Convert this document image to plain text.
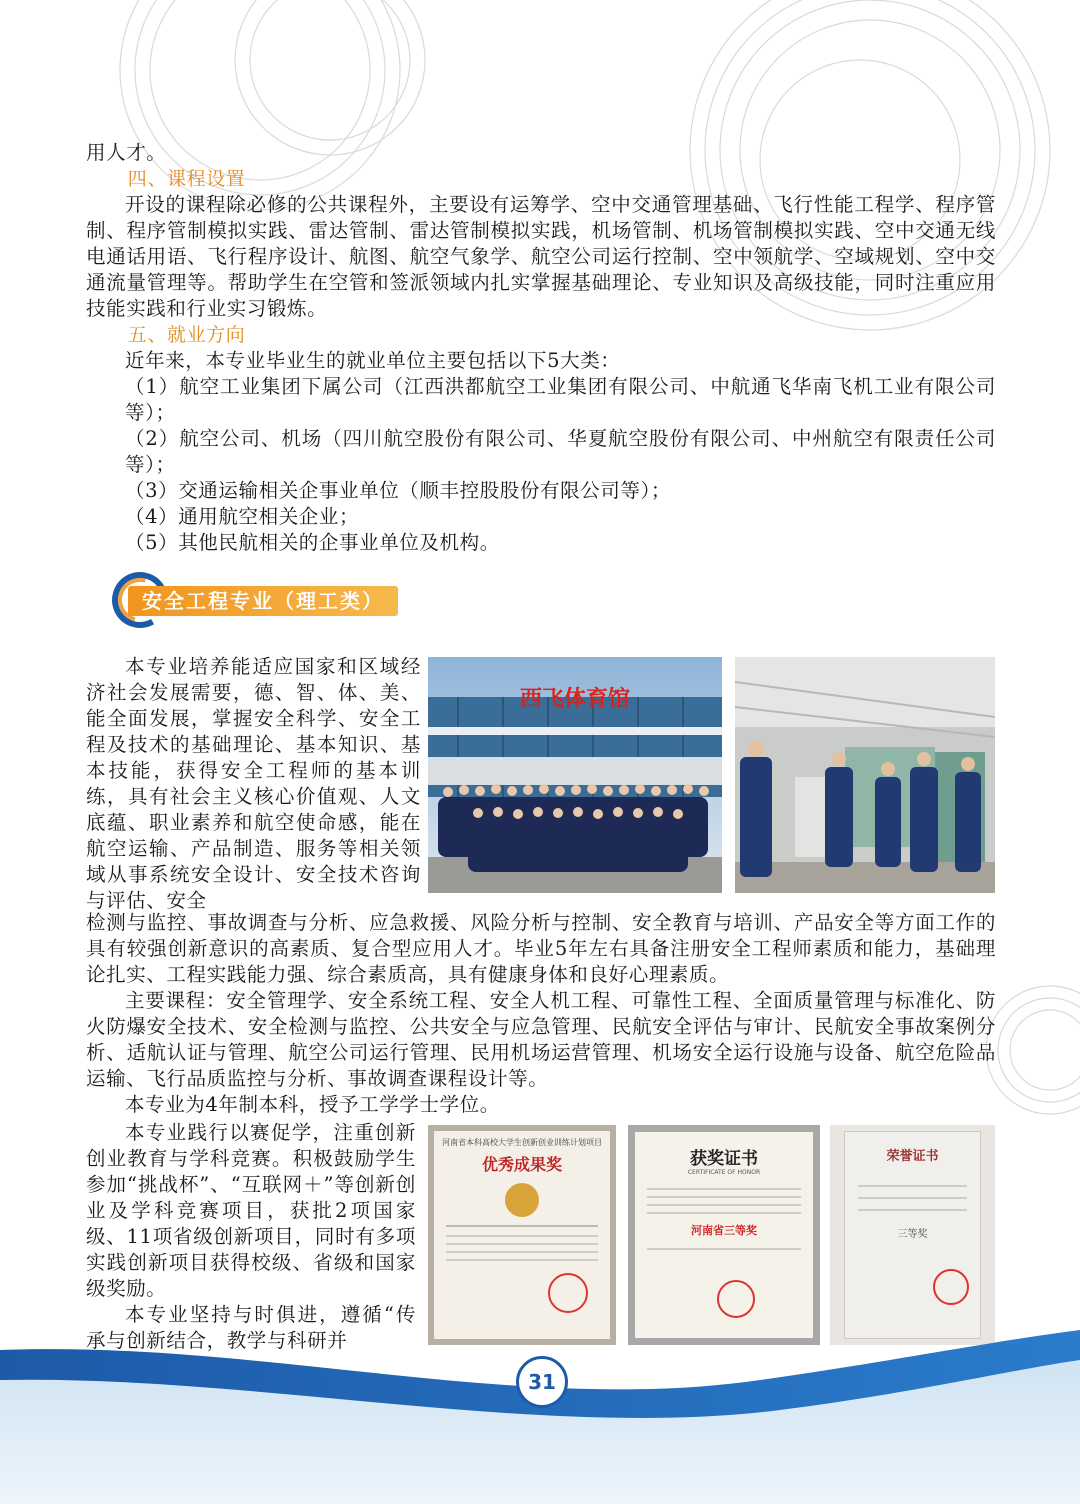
用人才。

四、课程设置

开设的课程除必修的公共课程外，主要设有运筹学、空中交通管理基础、飞行性能工程学、程序管制、程序管制模拟实践、雷达管制、雷达管制模拟实践，机场管制、机场管制模拟实践、空中交通无线电通话用语、飞行程序设计、航图、航空气象学、航空公司运行控制、空中领航学、空域规划、空中交通流量管理等。帮助学生在空管和签派领域内扎实掌握基础理论、专业知识及高级技能，同时注重应用技能实践和行业实习锻炼。

五、就业方向

近年来，本专业毕业生的就业单位主要包括以下5大类：

（1）航空工业集团下属公司（江西洪都航空工业集团有限公司、中航通飞华南飞机工业有限公司等）；

（2）航空公司、机场（四川航空股份有限公司、华夏航空股份有限公司、中州航空有限责任公司等）；

（3）交通运输相关企事业单位（顺丰控股股份有限公司等）；

（4）通用航空相关企业；

（5）其他民航相关的企事业单位及机构。

安全工程专业（理工类）

本专业培养能适应国家和区域经济社会发展需要，德、智、体、美、能全面发展，掌握安全科学、安全工程及技术的基础理论、基本知识、基本技能，获得安全工程师的基本训练，具有社会主义核心价值观、人文底蕴、职业素养和航空使命感，能在航空运输、产品制造、服务等相关领域从事系统安全设计、安全技术咨询与评估、安全

西飞体育馆

检测与监控、事故调查与分析、应急救援、风险分析与控制、安全教育与培训、产品安全等方面工作的具有较强创新意识的高素质、复合型应用人才。毕业5年左右具备注册安全工程师素质和能力，基础理论扎实、工程实践能力强、综合素质高，具有健康身体和良好心理素质。

主要课程：安全管理学、安全系统工程、安全人机工程、可靠性工程、全面质量管理与标准化、防火防爆安全技术、安全检测与监控、公共安全与应急管理、民航安全评估与审计、民航安全事故案例分析、适航认证与管理、航空公司运行管理、民用机场运营管理、机场安全运行设施与设备、航空危险品运输、飞行品质监控与分析、事故调查课程设计等。

本专业为4年制本科，授予工学学士学位。

本专业践行以赛促学，注重创新创业教育与学科竞赛。积极鼓励学生参加“挑战杯”、“互联网＋”等创新创业及学科竞赛项目，获批2项国家级、11项省级创新项目，同时有多项实践创新项目获得校级、省级和国家级奖励。

本专业坚持与时俱进，遵循“传承与创新结合，教学与科研并

河南省本科高校大学生创新创业训练计划项目
优秀成果奖	获奖证书
CERTIFICATE OF HONOR
河南省三等奖
荣誉证书
三等奖
31
